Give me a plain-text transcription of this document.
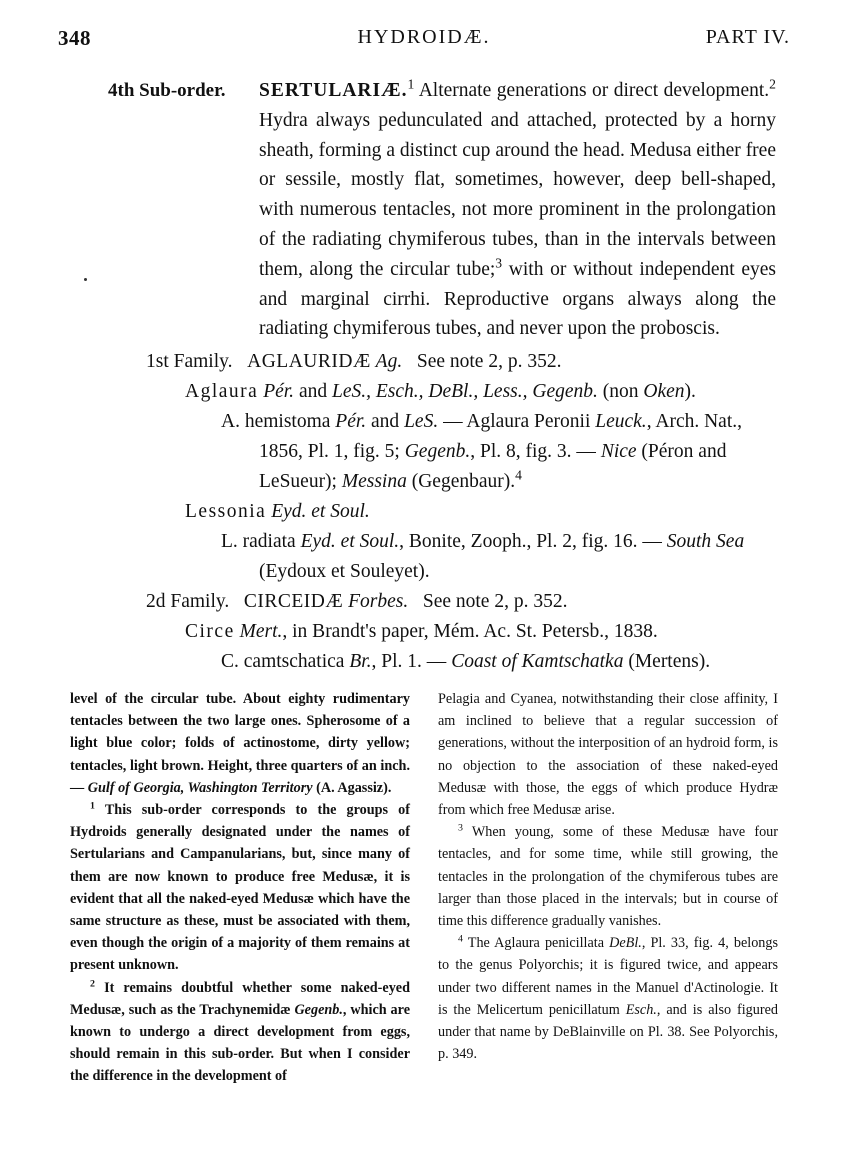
348	HYDROIDÆ.	PART IV.
4th Sub-order. SERTULARIÆ.$^1$ Alternate generations or direct development.$^2$ Hydra always pedunculated and attached, protected by a horny sheath, forming a distinct cup around the head. Medusa either free or sessile, mostly flat, sometimes, however, deep bell-shaped, with numerous tentacles, not more prominent in the prolongation of the radiating chymiferous tubes, than in the intervals between them, along the circular tube;$^3$ with or without independent eyes and marginal cirrhi. Reproductive organs always along the radiating chymiferous tubes, and never upon the proboscis.
1st Family. AGLAURIDÆ Ag. See note 2, p. 352.
Aglaura Pér. and LeS., Esch., DeBl., Less., Gegenb. (non Oken).
A. hemistoma Pér. and LeS. — Aglaura Peronii Leuck., Arch. Nat.,
1856, Pl. 1, fig. 5; Gegenb., Pl. 8, fig. 3. — Nice (Péron and
LeSueur); Messina (Gegenbaur).$^4$
Lessonia Eyd. et Soul.
L. radiata Eyd. et Soul., Bonite, Zooph., Pl. 2, fig. 16. — South Sea
(Eydoux et Souleyet).
2d Family. CIRCEIDÆ Forbes. See note 2, p. 352.
Circe Mert., in Brandt's paper, Mém. Ac. St. Petersb., 1838.
C. camtschatica Br., Pl. 1. — Coast of Kamtschatka (Mertens).

level of the circular tube. About eighty rudimentary tentacles between the two large ones. Spherosome of a light blue color; folds of actinostome, dirty yellow; tentacles, light brown. Height, three quarters of an inch. — Gulf of Georgia, Washington Territory (A. Agassiz).

$^1$ This sub-order corresponds to the groups of Hydroids generally designated under the names of Sertularians and Campanularians, but, since many of them are now known to produce free Medusæ, it is evident that all the naked-eyed Medusæ which have the same structure as these, must be associated with them, even though the origin of a majority of them remains at present unknown.

$^2$ It remains doubtful whether some naked-eyed Medusæ, such as the Trachynemidæ Gegenb., which are known to undergo a direct development from eggs, should remain in this sub-order. But when I consider the difference in the development of

Pelagia and Cyanea, notwithstanding their close affinity, I am inclined to believe that a regular succession of generations, without the interposition of an hydroid form, is no objection to the association of these naked-eyed Medusæ with those, the eggs of which produce Hydræ from which free Medusæ arise.

$^3$ When young, some of these Medusæ have four tentacles, and for some time, while still growing, the tentacles in the prolongation of the chymiferous tubes are larger than those placed in the intervals; but in course of time this difference gradually vanishes.

$^4$ The Aglaura penicillata DeBl., Pl. 33, fig. 4, belongs to the genus Polyorchis; it is figured twice, and appears under two different names in the Manuel d'Actinologie. It is the Melicertum penicillatum Esch., and is also figured under that name by DeBlainville on Pl. 38. See Polyorchis, p. 349.
